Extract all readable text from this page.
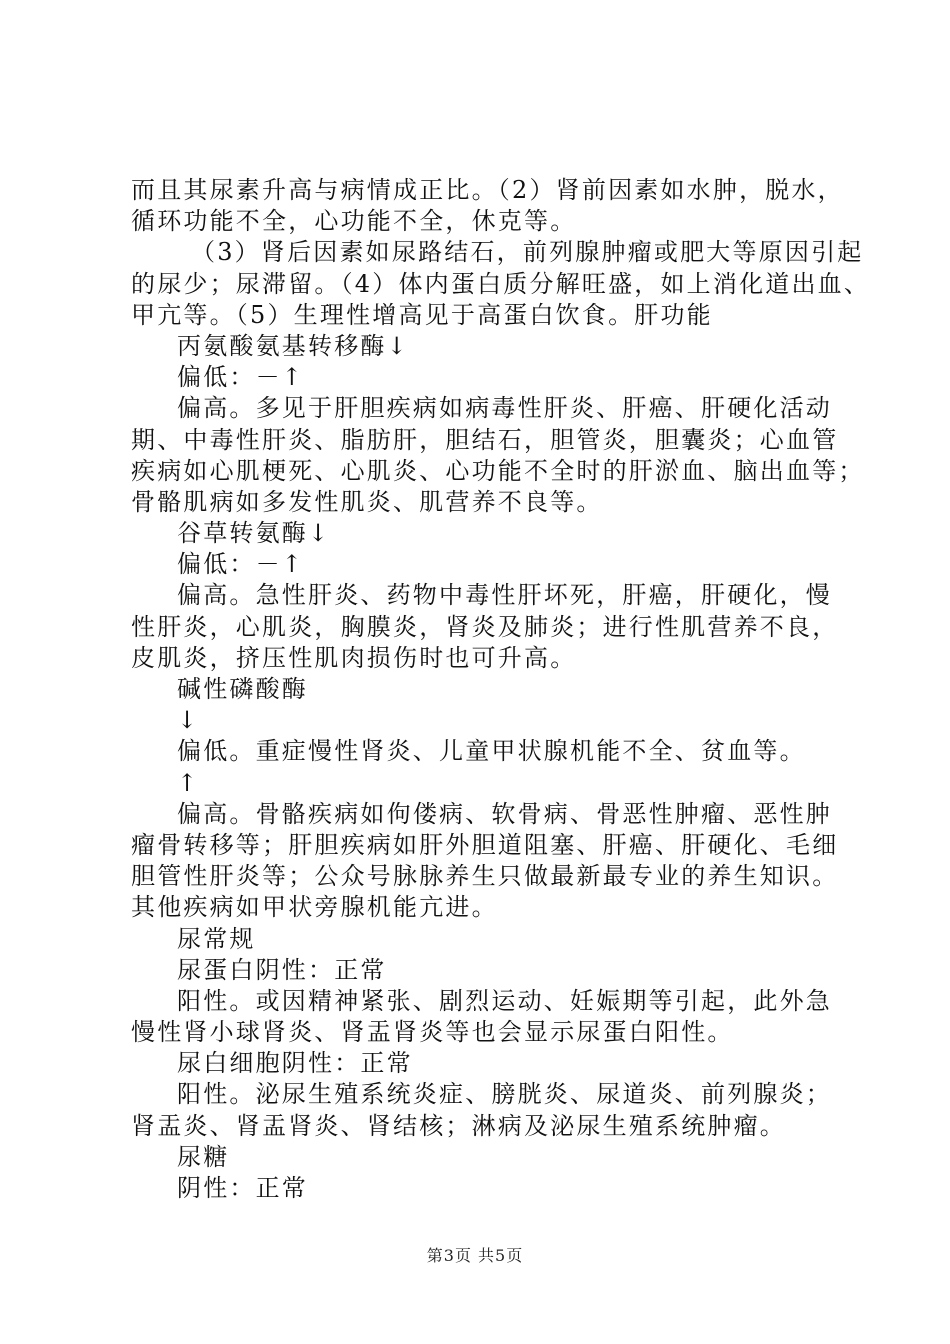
而且其尿素升高与病情成正比。（2）肾前因素如水肿，脱水，
循环功能不全，心功能不全，休克等。
（3）肾后因素如尿路结石，前列腺肿瘤或肥大等原因引起
的尿少；尿滞留。（4）体内蛋白质分解旺盛，如上消化道出血、
甲亢等。（5）生理性增高见于高蛋白饮食。肝功能
丙氨酸氨基转移酶↓
偏低：－↑
偏高。多见于肝胆疾病如病毒性肝炎、肝癌、肝硬化活动
期、中毒性肝炎、脂肪肝，胆结石，胆管炎，胆囊炎；心血管
疾病如心肌梗死、心肌炎、心功能不全时的肝淤血、脑出血等；
骨骼肌病如多发性肌炎、肌营养不良等。
谷草转氨酶↓
偏低：－↑
偏高。急性肝炎、药物中毒性肝坏死，肝癌，肝硬化，慢
性肝炎，心肌炎，胸膜炎，肾炎及肺炎；进行性肌营养不良，
皮肌炎，挤压性肌肉损伤时也可升高。
碱性磷酸酶
↓
偏低。重症慢性肾炎、儿童甲状腺机能不全、贫血等。
↑
偏高。骨骼疾病如佝偻病、软骨病、骨恶性肿瘤、恶性肿
瘤骨转移等；肝胆疾病如肝外胆道阻塞、肝癌、肝硬化、毛细
胆管性肝炎等；公众号脉脉养生只做最新最专业的养生知识。
其他疾病如甲状旁腺机能亢进。
尿常规
尿蛋白阴性：正常
阳性。或因精神紧张、剧烈运动、妊娠期等引起，此外急
慢性肾小球肾炎、肾盂肾炎等也会显示尿蛋白阳性。
尿白细胞阴性：正常
阳性。泌尿生殖系统炎症、膀胱炎、尿道炎、前列腺炎；
肾盂炎、肾盂肾炎、肾结核；淋病及泌尿生殖系统肿瘤。
尿糖
阴性：正常
第3页 共5页
